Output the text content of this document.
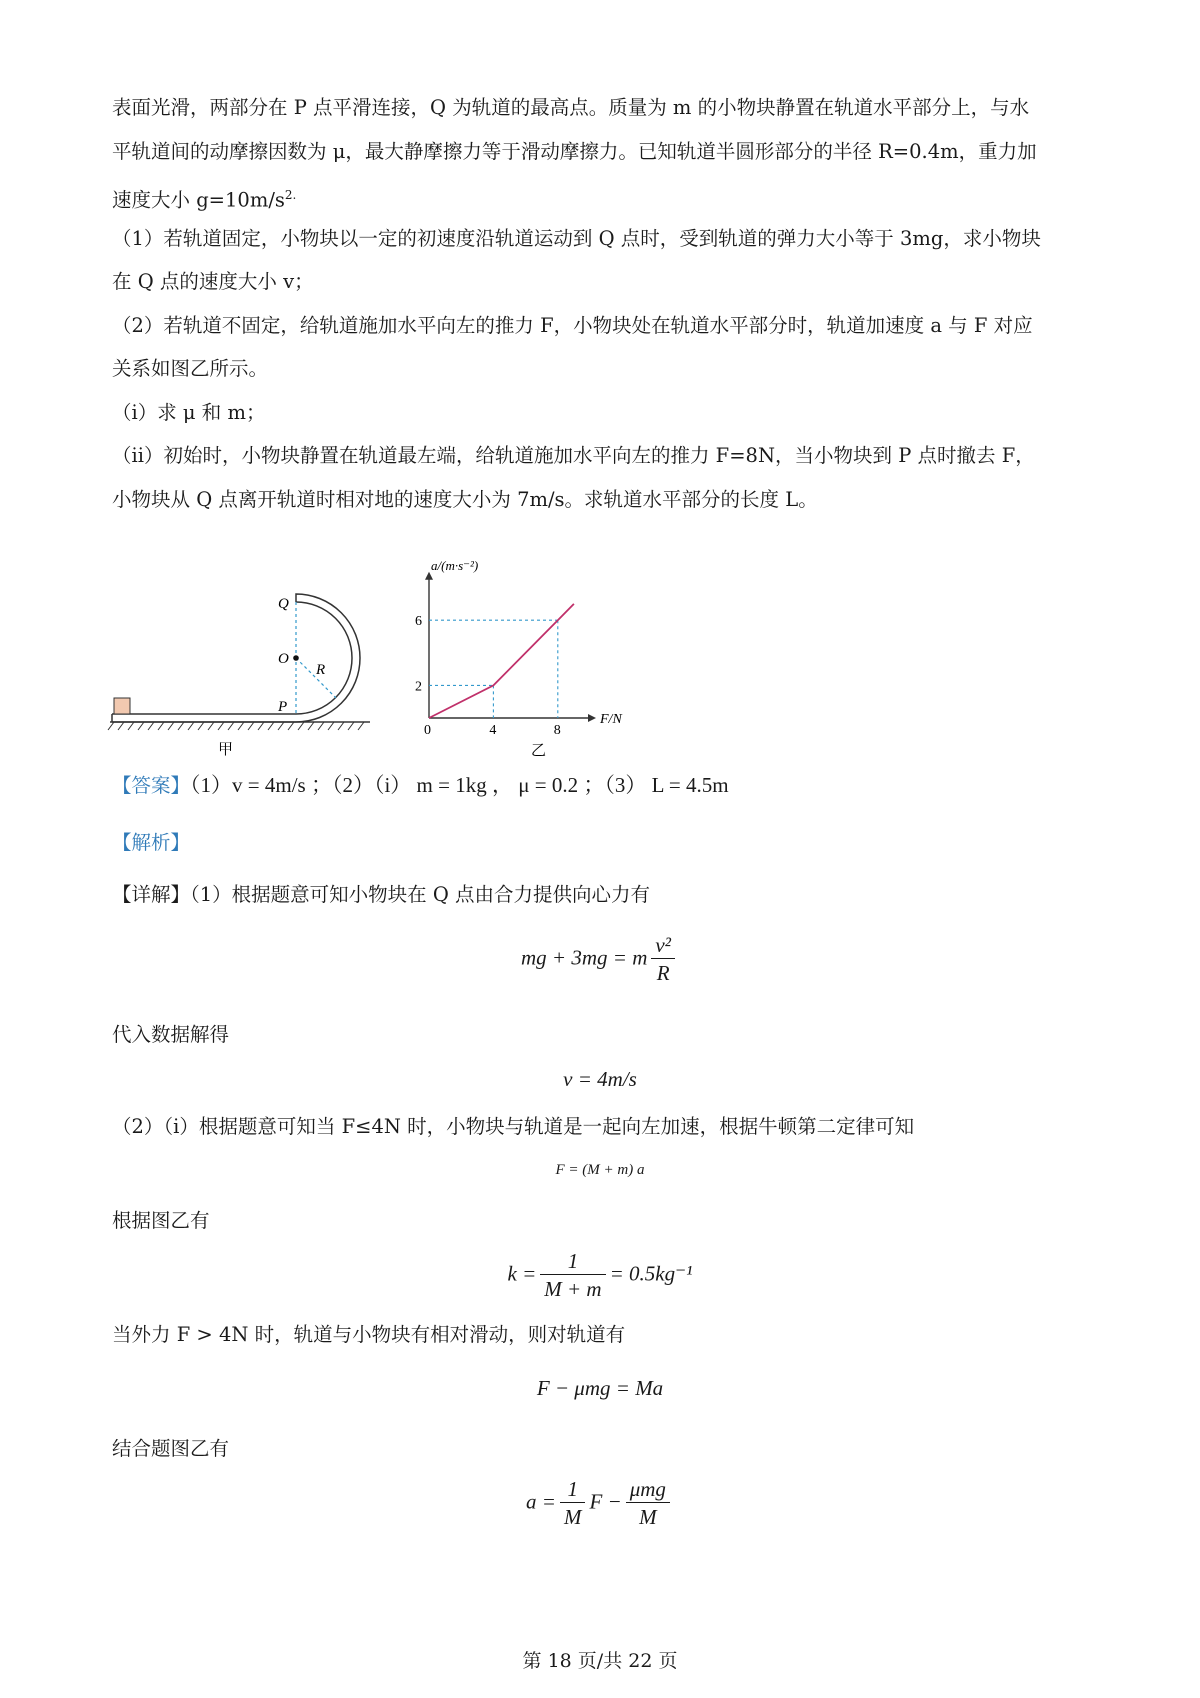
表面光滑，两部分在 P 点平滑连接，Q 为轨道的最高点。质量为 m 的小物块静置在轨道水平部分上，与水
平轨道间的动摩擦因数为 μ，最大静摩擦力等于滑动摩擦力。已知轨道半圆形部分的半径 R=0.4m，重力加
速度大小 $g=10m/s^{2.}$
（1）若轨道固定，小物块以一定的初速度沿轨道运动到 Q 点时，受到轨道的弹力大小等于 3mg，求小物块
在 Q 点的速度大小 v；
（2）若轨道不固定，给轨道施加水平向左的推力 F，小物块处在轨道水平部分时，轨道加速度 a 与 F 对应
关系如图乙所示。
（i）求 μ 和 m；
（ii）初始时，小物块静置在轨道最左端，给轨道施加水平向左的推力 F=8N，当小物块到 P 点时撤去 F，
小物块从 Q 点离开轨道时相对地的速度大小为 7m/s。求轨道水平部分的长度 L。
Q
O
R
P
甲
F/N
a/(m·s⁻²)
0	4	8
2
6
乙
【答案】（1）v = 4m/s ；（2）（i） m = 1kg ， μ = 0.2 ；（3） L = 4.5m
【解析】
【详解】（1）根据题意可知小物块在 Q 点由合力提供向心力有
mg + 3mg = m $\frac{\text{v²}}{R}$
代入数据解得
v = 4m/s
（2）（i）根据题意可知当 F≤4N 时，小物块与轨道是一起向左加速，根据牛顿第二定律可知
F = (M + m) a
根据图乙有
$k = \frac{1}{M + m} = 0.5kg^{-1}$
当外力 F > 4N 时，轨道与小物块有相对滑动，则对轨道有
F − μmg = Ma
结合题图乙有
$a = \frac{1}{M}$ $F - \frac{\text{μmg}}{M}$
第 18 页/共 22 页
